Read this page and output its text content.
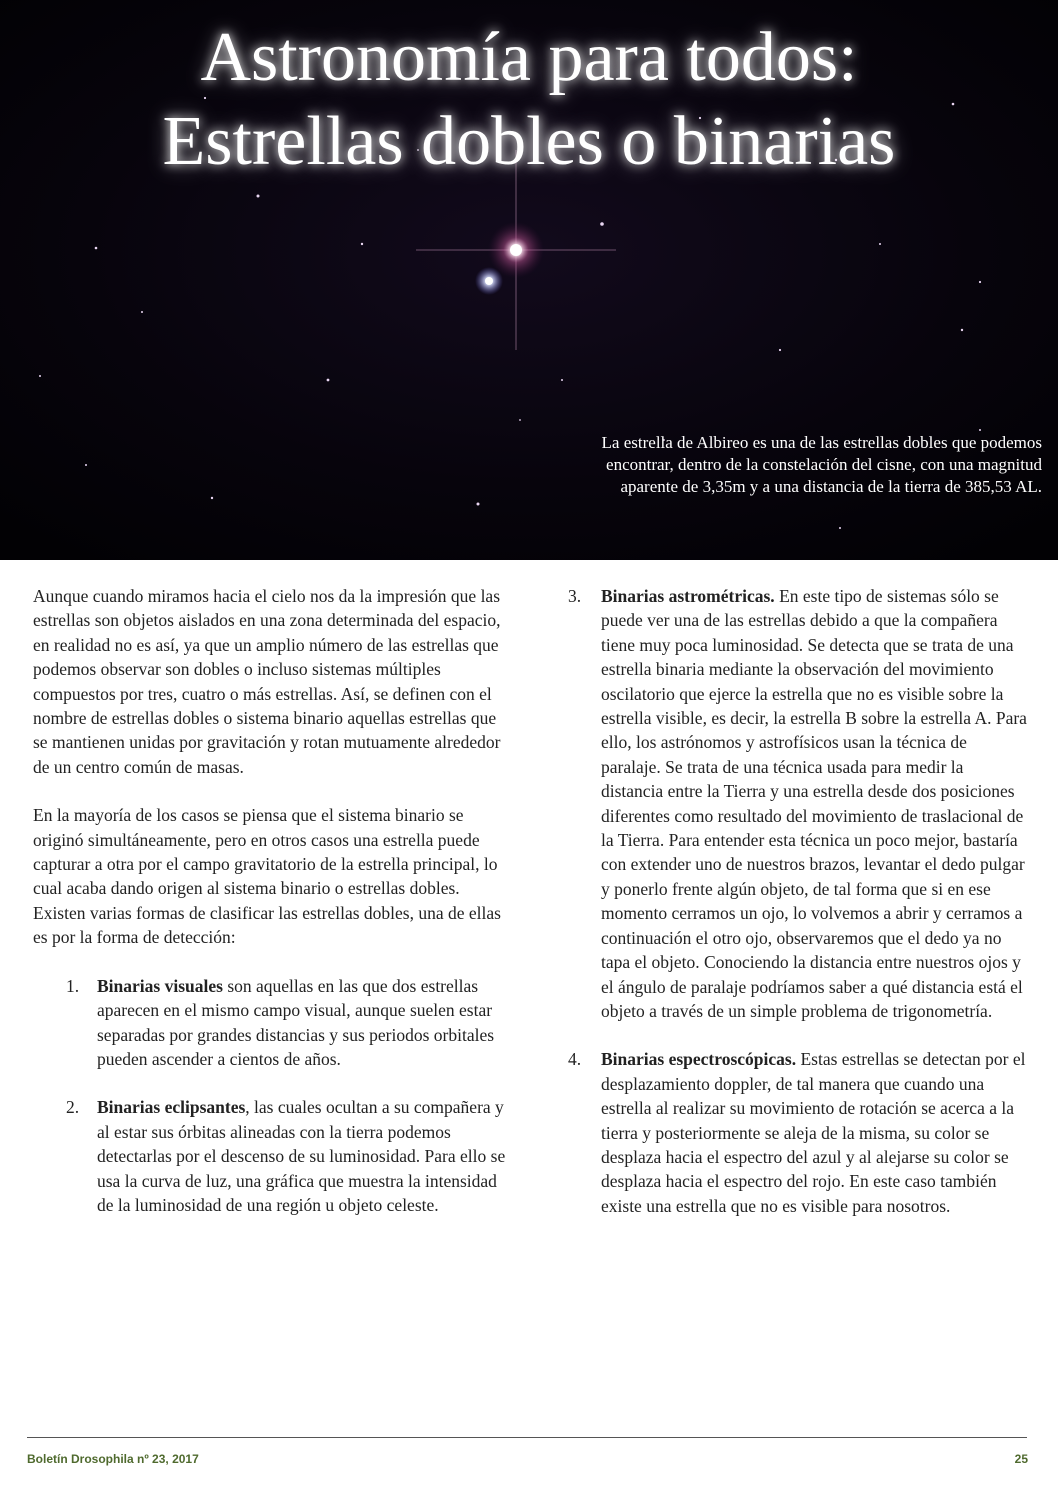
Astronomía para todos:
Estrellas dobles o binarias
La estrella de Albireo es una de las estrellas dobles que podemos encontrar, dentro de la constelación del cisne, con una magnitud aparente de 3,35m y a una distancia de la tierra de 385,53 AL.

Aunque cuando miramos hacia el cielo nos da la impresión que las estrellas son objetos aislados en una zona determinada del espacio, en realidad no es así, ya que un amplio número de las estrellas que podemos observar son dobles o incluso sistemas múltiples compuestos por tres, cuatro o más estrellas. Así, se definen con el nombre de estrellas dobles o sistema binario aquellas estrellas que se mantienen unidas por gravitación y rotan mutuamente alrededor de un centro común de masas.

En la mayoría de los casos se piensa que el sistema binario se originó simultáneamente, pero en otros casos una estrella puede capturar a otra por el campo gravitatorio de la estrella principal, lo cual acaba dando origen al sistema binario o estrellas dobles. Existen varias formas de clasificar las estrellas dobles, una de ellas es por la forma de detección:

1. Binarias visuales son aquellas en las que dos estrellas aparecen en el mismo campo visual, aunque suelen estar separadas por grandes distancias y sus periodos orbitales pueden ascender a cientos de años.
2. Binarias eclipsantes, las cuales ocultan a su compañera y al estar sus órbitas alineadas con la tierra podemos detectarlas por el descenso de su luminosidad. Para ello se usa la curva de luz, una gráfica que muestra la intensidad de la luminosidad de una región u objeto celeste.
3. Binarias astrométricas. En este tipo de sistemas sólo se puede ver una de las estrellas debido a que la compañera tiene muy poca luminosidad. Se detecta que se trata de una estrella binaria mediante la observación del movimiento oscilatorio que ejerce la estrella que no es visible sobre la estrella visible, es decir, la estrella B sobre la estrella A. Para ello, los astrónomos y astrofísicos usan la técnica de paralaje. Se trata de una técnica usada para medir la distancia entre la Tierra y una estrella desde dos posiciones diferentes como resultado del movimiento de traslacional de la Tierra. Para entender esta técnica un poco mejor, bastaría con extender uno de nuestros brazos, levantar el dedo pulgar y ponerlo frente algún objeto, de tal forma que si en ese momento cerramos un ojo, lo volvemos a abrir y cerramos a continuación el otro ojo, observaremos que el dedo ya no tapa el objeto. Conociendo la distancia entre nuestros ojos y el ángulo de paralaje podríamos saber a qué distancia está el objeto a través de un simple problema de trigonometría.
4. Binarias espectroscópicas. Estas estrellas se detectan por el desplazamiento doppler, de tal manera que cuando una estrella al realizar su movimiento de rotación se acerca a la tierra y posteriormente se aleja de la misma, su color se desplaza hacia el espectro del azul y al alejarse su color se desplaza hacia el espectro del rojo. En este caso también existe una estrella que no es visible para nosotros.
Boletín Drosophila nº 23, 2017	25
